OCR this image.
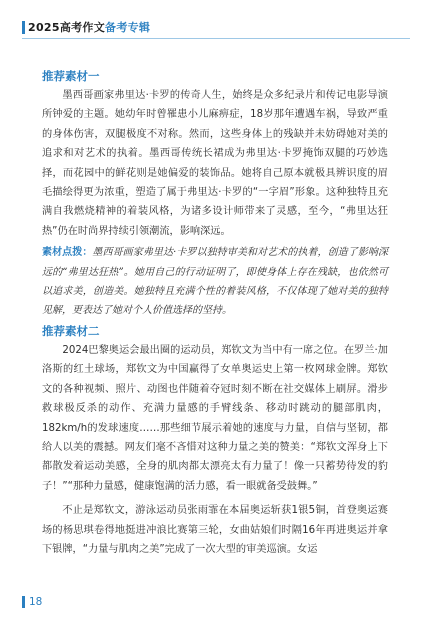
2025高考作文 备考专辑
推荐素材一

墨西哥画家弗里达·卡罗的传奇人生，始终是众多纪录片和传记电影导演所钟爱的主题。她幼年时曾罹患小儿麻痹症，18岁那年遭遇车祸，导致严重的身体伤害，双腿极度不对称。然而，这些身体上的残缺并未妨碍她对美的追求和对艺术的执着。墨西哥传统长裙成为弗里达·卡罗掩饰双腿的巧妙选择，而花园中的鲜花则是她偏爱的装饰品。她将自己原本就极具辨识度的眉毛描绘得更为浓重，塑造了属于弗里达·卡罗的“一字眉”形象。这种独特且充满自我燃烧精神的着装风格，为诸多设计师带来了灵感，至今，“弗里达狂热”仍在时尚界持续引领潮流，影响深远。

素材点拨：墨西哥画家弗里达·卡罗以独特审美和对艺术的执着，创造了影响深远的“弗里达狂热”。她用自己的行动证明了，即使身体上存在残缺，也依然可以追求美，创造美。她独特且充满个性的着装风格，不仅体现了她对美的独特见解，更表达了她对个人价值选择的坚持。

推荐素材二

2024巴黎奥运会最出圈的运动员，郑钦文为当中有一席之位。在罗兰·加洛斯的红土球场，郑钦文为中国赢得了女单奥运史上第一枚网球金牌。郑钦文的各种视频、照片、动图也伴随着夺冠时刻不断在社交媒体上刷屏。滑步救球极反杀的动作、充满力量感的手臂线条、移动时跳动的腿部肌肉，182km/h的发球速度……那些细节展示着她的速度与力量，自信与坚韧，都给人以美的震撼。网友们毫不吝惜对这种力量之美的赞美：“郑钦文浑身上下都散发着运动美感，全身的肌肉都太漂亮太有力量了！像一只蓄势待发的豹子！”“那种力量感，健康饱满的活力感，看一眼就备受鼓舞。”

不止是郑钦文，游泳运动员张雨霏在本届奥运斩获1银5铜，首登奥运赛场的杨思琪卷得地挺进冲浪比赛第三轮，女曲姑娘们时隔16年再进奥运并拿下银牌，“力量与肌肉之美”完成了一次大型的审美巡演。女运

18
